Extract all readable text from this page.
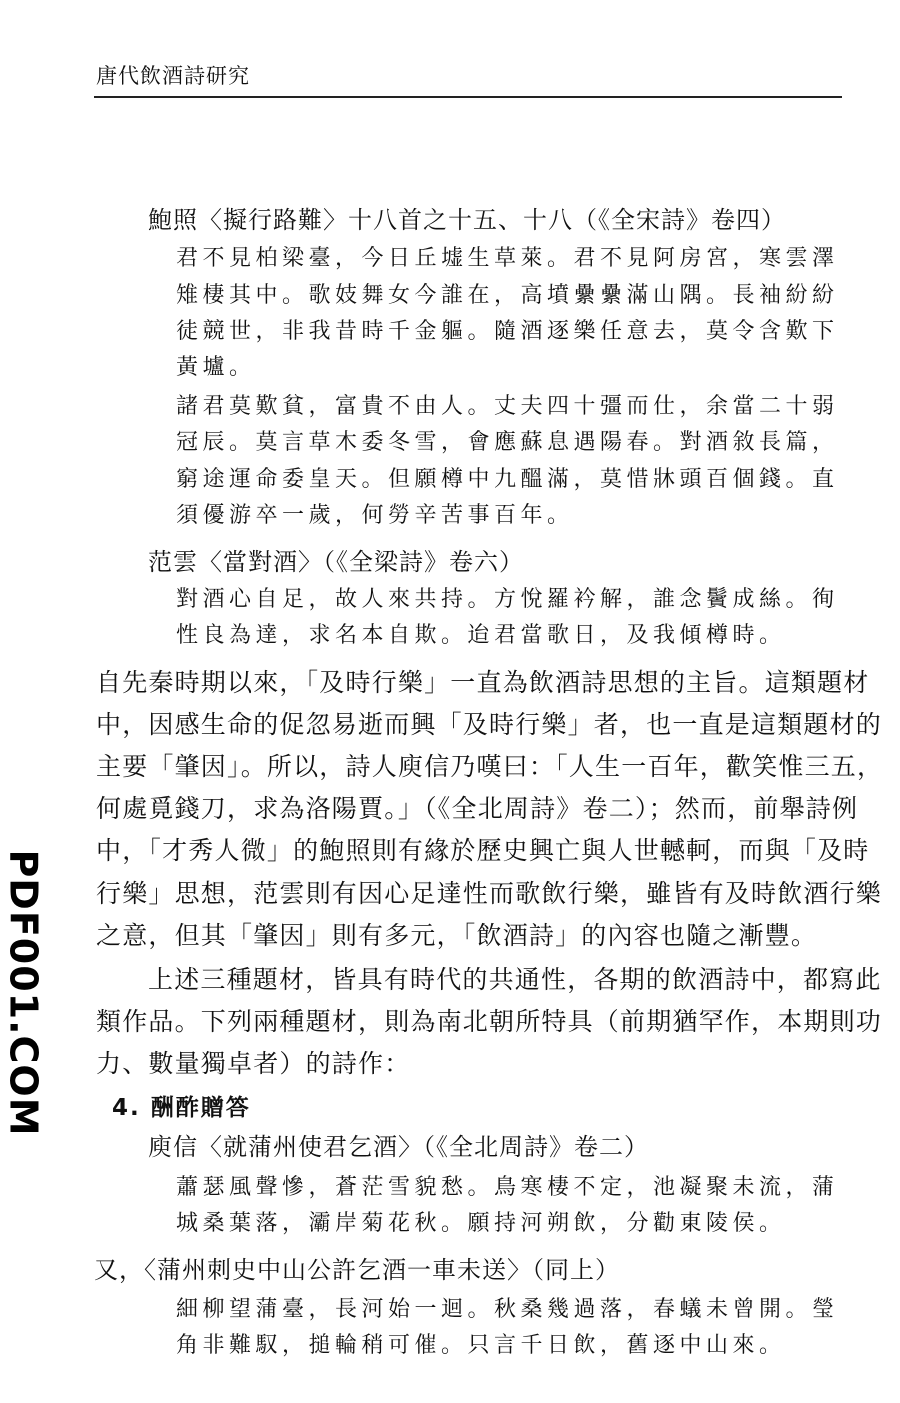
唐代飲酒詩研究
PDF001.COM
鮑照〈擬行路難〉十八首之十五、十八（《全宋詩》卷四）
君不見柏梁臺，今日丘墟生草萊。君不見阿房宮，寒雲澤
雉棲其中。歌妓舞女今誰在，高墳纍纍滿山隅。長袖紛紛
徒競世，非我昔時千金軀。隨酒逐樂任意去，莫令含歎下
黃壚。
諸君莫歎貧，富貴不由人。丈夫四十彊而仕，余當二十弱
冠辰。莫言草木委冬雪，會應蘇息遇陽春。對酒敘長篇，
窮途運命委皇天。但願樽中九醞滿，莫惜牀頭百個錢。直
須優游卒一歲，何勞辛苦事百年。
范雲〈當對酒〉（《全梁詩》卷六）
對酒心自足，故人來共持。方悅羅衿解，誰念鬢成絲。徇
性良為達，求名本自欺。迨君當歌日，及我傾樽時。
自先秦時期以來，「及時行樂」一直為飲酒詩思想的主旨。這類題材
中，因感生命的促忽易逝而興「及時行樂」者，也一直是這類題材的
主要「肇因」。所以，詩人庾信乃嘆曰：「人生一百年，歡笑惟三五，
何處覓錢刀，求為洛陽賈。」（《全北周詩》卷二）；然而，前舉詩例
中，「才秀人微」的鮑照則有緣於歷史興亡與人世轗軻，而與「及時
行樂」思想，范雲則有因心足達性而歌飲行樂，雖皆有及時飲酒行樂
之意，但其「肇因」則有多元，「飲酒詩」的內容也隨之漸豐。
上述三種題材，皆具有時代的共通性，各期的飲酒詩中，都寫此
類作品。下列兩種題材，則為南北朝所特具（前期猶罕作，本期則功
力、數量獨卓者）的詩作：
4. 酬酢贈答
庾信〈就蒲州使君乞酒〉（《全北周詩》卷二）
蕭瑟風聲慘，蒼茫雪貌愁。鳥寒棲不定，池凝聚未流，蒲
城桑葉落，灞岸菊花秋。願持河朔飲，分勸東陵侯。
又，〈蒲州刺史中山公許乞酒一車未送〉（同上）
細柳望蒲臺，長河始一迴。秋桑幾過落，春蟻未曾開。瑩
角非難馭，搥輪稍可催。只言千日飲，舊逐中山來。
